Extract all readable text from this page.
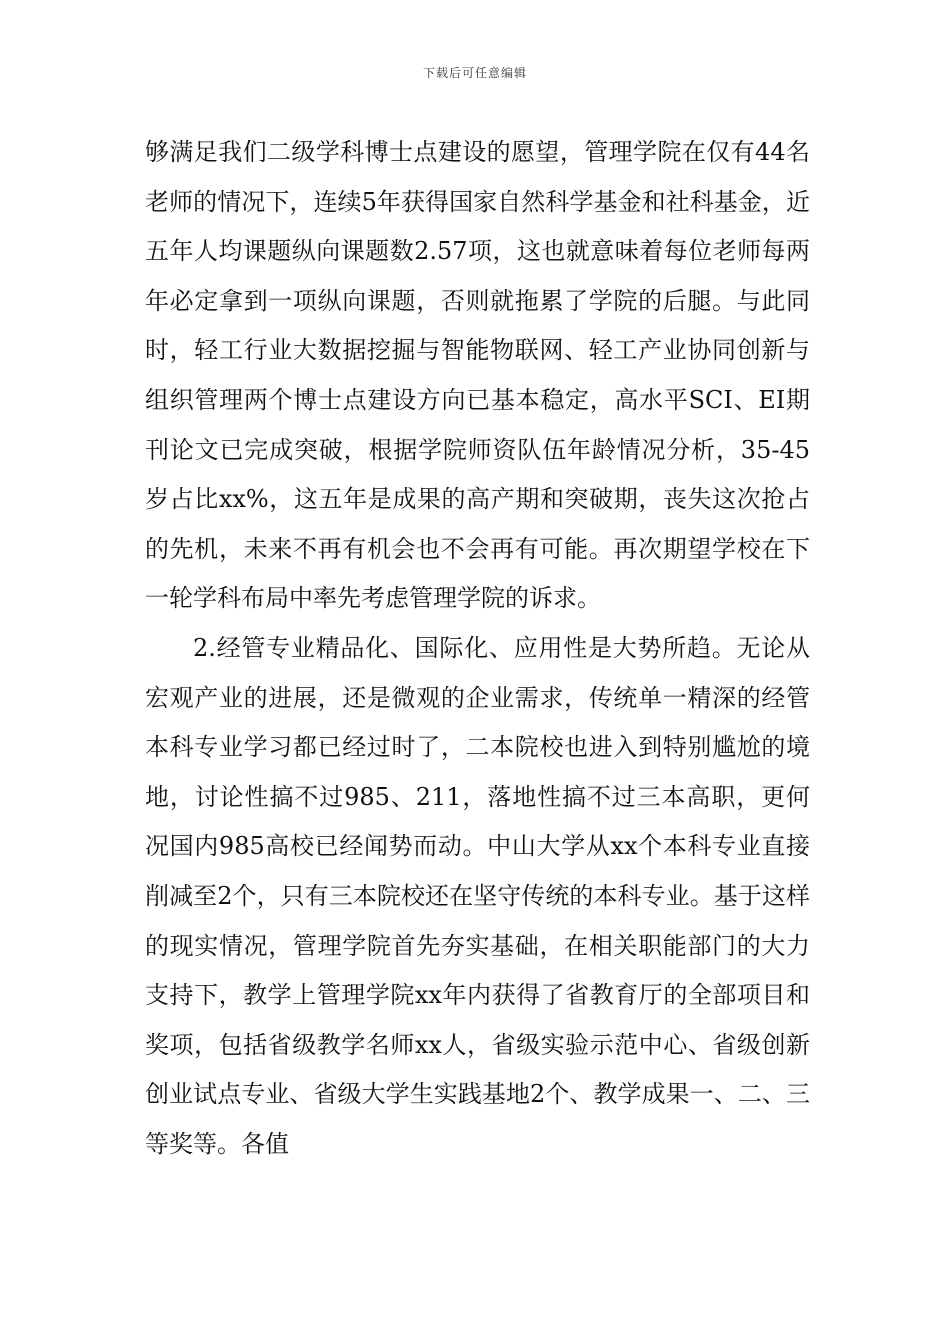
下载后可任意编辑

够满足我们二级学科博士点建设的愿望，管理学院在仅有44名老师的情况下，连续5年获得国家自然科学基金和社科基金，近五年人均课题纵向课题数2.57项，这也就意味着每位老师每两年必定拿到一项纵向课题，否则就拖累了学院的后腿。与此同时，轻工行业大数据挖掘与智能物联网、轻工产业协同创新与组织管理两个博士点建设方向已基本稳定，高水平SCI、EI期刊论文已完成突破，根据学院师资队伍年龄情况分析，35-45岁占比xx%，这五年是成果的高产期和突破期，丧失这次抢占的先机，未来不再有机会也不会再有可能。再次期望学校在下一轮学科布局中率先考虑管理学院的诉求。

2.经管专业精品化、国际化、应用性是大势所趋。无论从宏观产业的进展，还是微观的企业需求，传统单一精深的经管本科专业学习都已经过时了，二本院校也进入到特别尴尬的境地，讨论性搞不过985、211，落地性搞不过三本高职，更何况国内985高校已经闻势而动。中山大学从xx个本科专业直接削减至2个，只有三本院校还在坚守传统的本科专业。基于这样的现实情况，管理学院首先夯实基础，在相关职能部门的大力支持下，教学上管理学院xx年内获得了省教育厅的全部项目和奖项，包括省级教学名师xx人，省级实验示范中心、省级创新创业试点专业、省级大学生实践基地2个、教学成果一、二、三等奖等。各值
